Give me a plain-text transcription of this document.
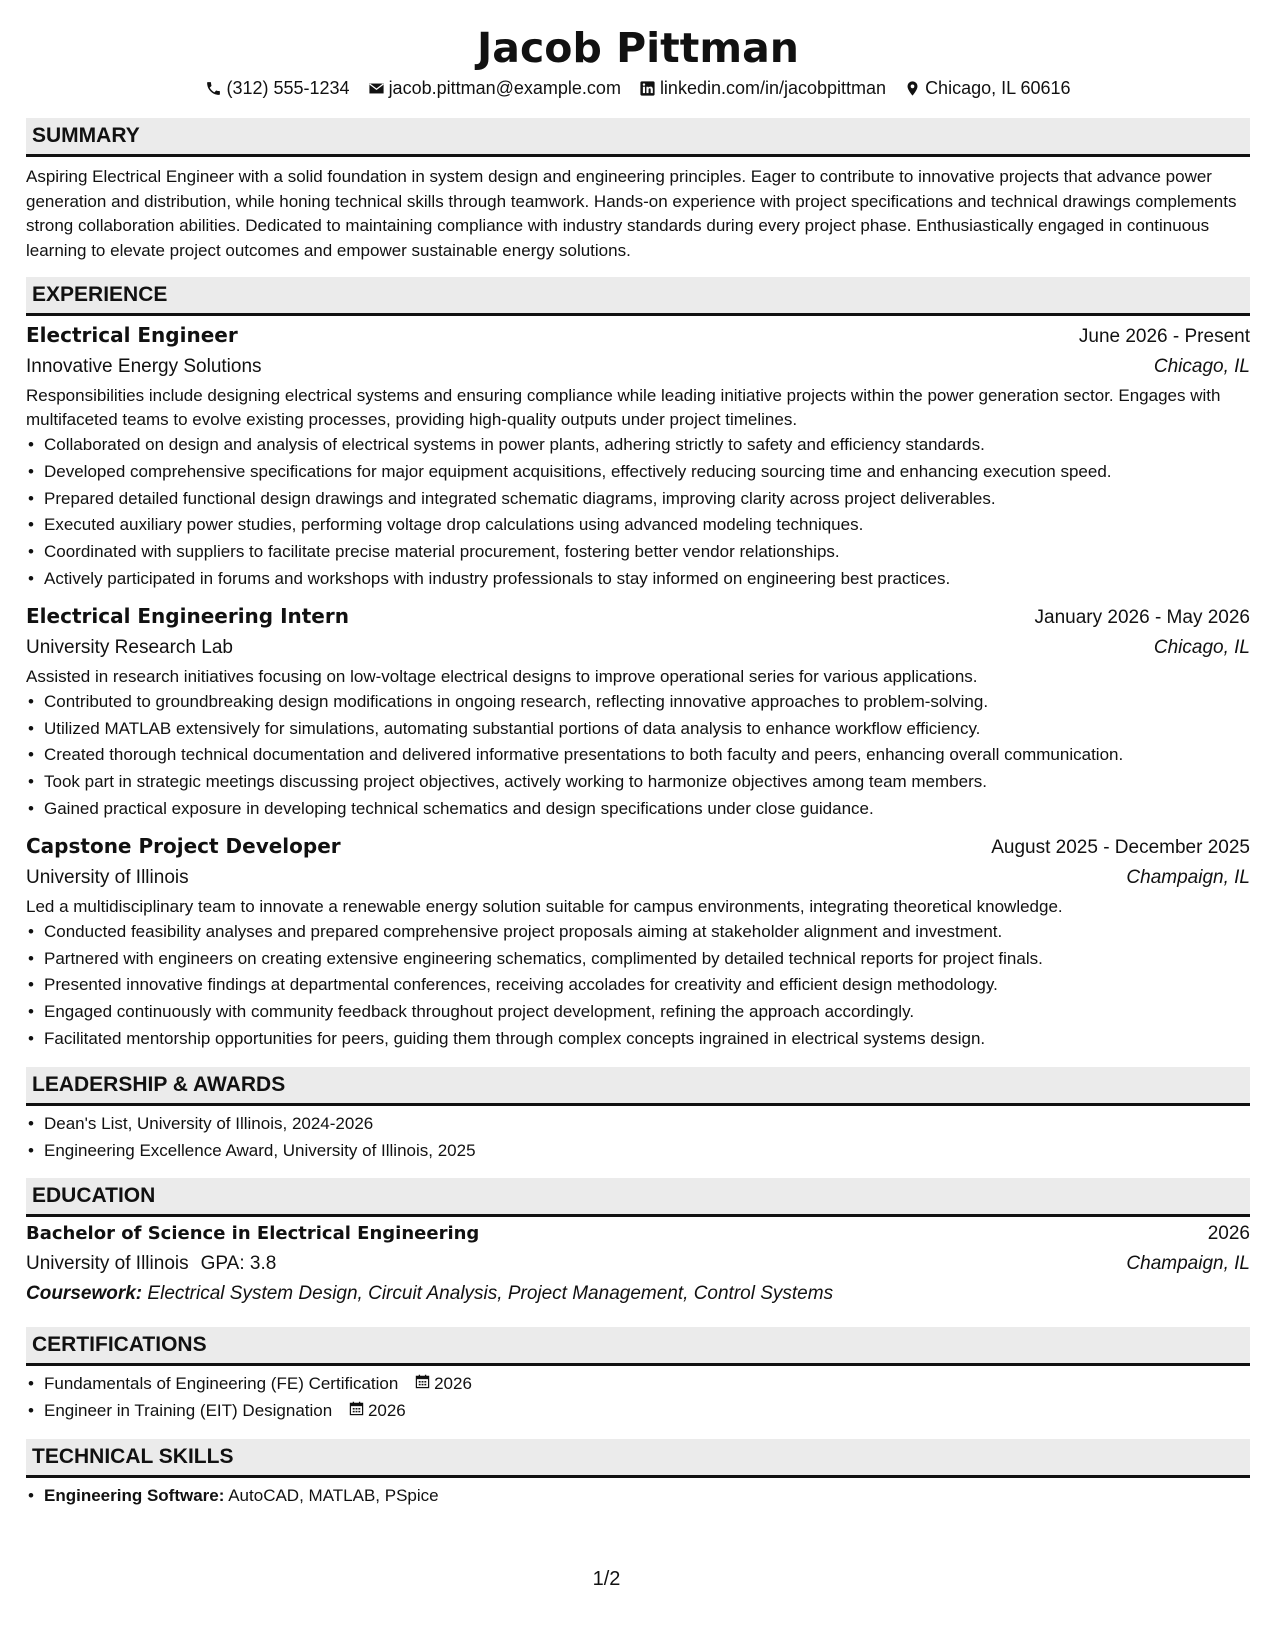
Jacob Pittman
(312) 555-1234 jacob.pittman@example.com linkedin.com/in/jacobpittman Chicago, IL 60616
SUMMARY

Aspiring Electrical Engineer with a solid foundation in system design and engineering principles. Eager to contribute to innovative projects that advance power generation and distribution, while honing technical skills through teamwork. Hands-on experience with project specifications and technical drawings complements strong collaboration abilities. Dedicated to maintaining compliance with industry standards during every project phase. Enthusiastically engaged in continuous learning to elevate project outcomes and empower sustainable energy solutions.

EXPERIENCE
Electrical Engineer	June 2026 - Present
Innovative Energy Solutions	Chicago, IL
Responsibilities include designing electrical systems and ensuring compliance while leading initiative projects within the power generation sector. Engages with multifaceted teams to evolve existing processes, providing high-quality outputs under project timelines.
• Collaborated on design and analysis of electrical systems in power plants, adhering strictly to safety and efficiency standards.
• Developed comprehensive specifications for major equipment acquisitions, effectively reducing sourcing time and enhancing execution speed.
• Prepared detailed functional design drawings and integrated schematic diagrams, improving clarity across project deliverables.
• Executed auxiliary power studies, performing voltage drop calculations using advanced modeling techniques.
• Coordinated with suppliers to facilitate precise material procurement, fostering better vendor relationships.
• Actively participated in forums and workshops with industry professionals to stay informed on engineering best practices.
Electrical Engineering Intern	January 2026 - May 2026
University Research Lab	Chicago, IL
Assisted in research initiatives focusing on low-voltage electrical designs to improve operational series for various applications.
• Contributed to groundbreaking design modifications in ongoing research, reflecting innovative approaches to problem-solving.
• Utilized MATLAB extensively for simulations, automating substantial portions of data analysis to enhance workflow efficiency.
• Created thorough technical documentation and delivered informative presentations to both faculty and peers, enhancing overall communication.
• Took part in strategic meetings discussing project objectives, actively working to harmonize objectives among team members.
• Gained practical exposure in developing technical schematics and design specifications under close guidance.
Capstone Project Developer	August 2025 - December 2025
University of Illinois	Champaign, IL
Led a multidisciplinary team to innovate a renewable energy solution suitable for campus environments, integrating theoretical knowledge.
• Conducted feasibility analyses and prepared comprehensive project proposals aiming at stakeholder alignment and investment.
• Partnered with engineers on creating extensive engineering schematics, complimented by detailed technical reports for project finals.
• Presented innovative findings at departmental conferences, receiving accolades for creativity and efficient design methodology.
• Engaged continuously with community feedback throughout project development, refining the approach accordingly.
• Facilitated mentorship opportunities for peers, guiding them through complex concepts ingrained in electrical systems design.
LEADERSHIP & AWARDS
• Dean's List, University of Illinois, 2024-2026
• Engineering Excellence Award, University of Illinois, 2025
EDUCATION
Bachelor of Science in Electrical Engineering	2026
University of Illinois GPA: 3.8	Champaign, IL
Coursework: Electrical System Design, Circuit Analysis, Project Management, Control Systems
CERTIFICATIONS
• Fundamentals of Engineering (FE) Certification 2026
• Engineer in Training (EIT) Designation 2026
TECHNICAL SKILLS
• Engineering Software: AutoCAD, MATLAB, PSpice
1/2
